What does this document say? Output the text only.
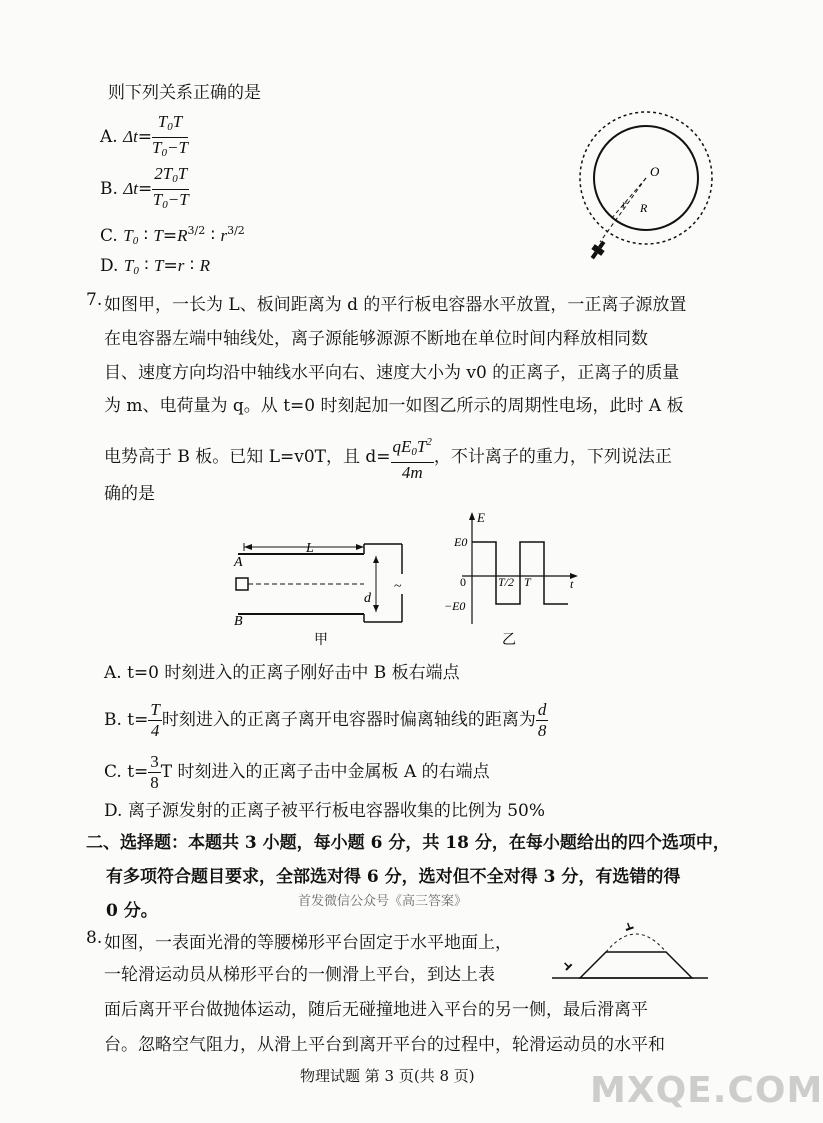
则下列关系正确的是
A. $\Delta t= \frac{T_0T}{T_0-T}$
B. $\Delta t= \frac{2T_0T}{T_0-T}$
C. $T_0$ ∶ $T=R^{3/2}$ ∶ $r^{3/2}$
D. $T_0$ ∶ T=r ∶ R
O
r R
7. 如图甲，一长为 L、板间距离为 d 的平行板电容器水平放置，一正离子源放置
在电容器左端中轴线处，离子源能够源源不断地在单位时间内释放相同数
目、速度方向均沿中轴线水平向右、速度大小为 v0 的正离子，正离子的质量
为 m、电荷量为 q。从 t=0 时刻起加一如图乙所示的周期性电场，此时 A 板
电势高于 B 板。已知 L=v0T，且 $d= \frac{qE_0T^2}{4m}$ ，不计离子的重力，下列说法正
确的是
A
B
L
d
~
甲
E
E0
−E0
0	T/2 T	t
乙
A. t=0 时刻进入的正离子刚好击中 B 板右端点
B. $t= \frac{T}{4}$ 时刻进入的正离子离开电容器时偏离轴线的距离为 $\frac{d}{8}$
C. $t= \frac{3}{8}$ T 时刻进入的正离子击中金属板 A 的右端点
D. 离子源发射的正离子被平行板电容器收集的比例为 50%
二、选择题：本题共 3 小题，每小题 6 分，共 18 分，在每小题给出的四个选项中，
有多项符合题目要求，全部选对得 6 分，选对但不全对得 3 分，有选错的得
0 分。	首发微信公众号《高三答案》
8. 如图，一表面光滑的等腰梯形平台固定于水平地面上，
一轮滑运动员从梯形平台的一侧滑上平台，到达上表
面后离开平台做抛体运动，随后无碰撞地进入平台的另一侧，最后滑离平
台。忽略空气阻力，从滑上平台到离开平台的过程中，轮滑运动员的水平和
物理试题 第 3 页(共 8 页)	MXQE.COM
